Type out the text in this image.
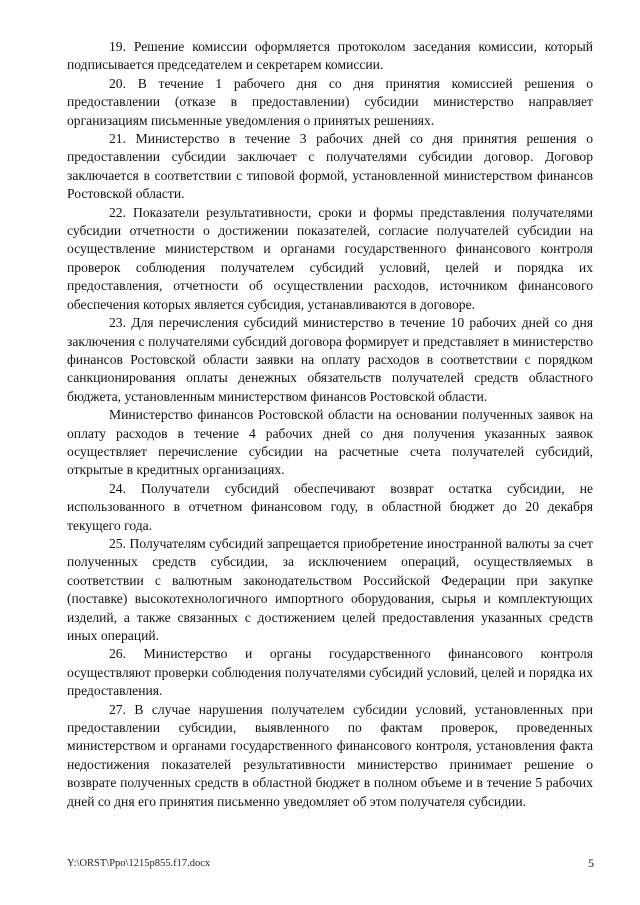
19. Решение комиссии оформляется протоколом заседания комиссии, который подписывается председателем и секретарем комиссии.

20. В течение 1 рабочего дня со дня принятия комиссией решения о предоставлении (отказе в предоставлении) субсидии министерство направляет организациям письменные уведомления о принятых решениях.

21. Министерство в течение 3 рабочих дней со дня принятия решения о предоставлении субсидии заключает с получателями субсидии договор. Договор заключается в соответствии с типовой формой, установленной министерством финансов Ростовской области.

22. Показатели результативности, сроки и формы представления получателями субсидии отчетности о достижении показателей, согласие получателей субсидии на осуществление министерством и органами государственного финансового контроля проверок соблюдения получателем субсидий условий, целей и порядка их предоставления, отчетности об осуществлении расходов, источником финансового обеспечения которых является субсидия, устанавливаются в договоре.

23. Для перечисления субсидий министерство в течение 10 рабочих дней со дня заключения с получателями субсидий договора формирует и представляет в министерство финансов Ростовской области заявки на оплату расходов в соответствии с порядком санкционирования оплаты денежных обязательств получателей средств областного бюджета, установленным министерством финансов Ростовской области.

Министерство финансов Ростовской области на основании полученных заявок на оплату расходов в течение 4 рабочих дней со дня получения указанных заявок осуществляет перечисление субсидии на расчетные счета получателей субсидий, открытые в кредитных организациях.

24. Получатели субсидий обеспечивают возврат остатка субсидии, не использованного в отчетном финансовом году, в областной бюджет до 20 декабря текущего года.

25. Получателям субсидий запрещается приобретение иностранной валюты за счет полученных средств субсидии, за исключением операций, осуществляемых в соответствии с валютным законодательством Российской Федерации при закупке (поставке) высокотехнологичного импортного оборудования, сырья и комплектующих изделий, а также связанных с достижением целей предоставления указанных средств иных операций.

26. Министерство и органы государственного финансового контроля осуществляют проверки соблюдения получателями субсидий условий, целей и порядка их предоставления.

27. В случае нарушения получателем субсидии условий, установленных при предоставлении субсидии, выявленного по фактам проверок, проведенных министерством и органами государственного финансового контроля, установления факта недостижения показателей результативности министерство принимает решение о возврате полученных средств в областной бюджет в полном объеме и в течение 5 рабочих дней со дня его принятия письменно уведомляет об этом получателя субсидии.

Y:\ORST\Ppo\1215p855.f17.docx	5
